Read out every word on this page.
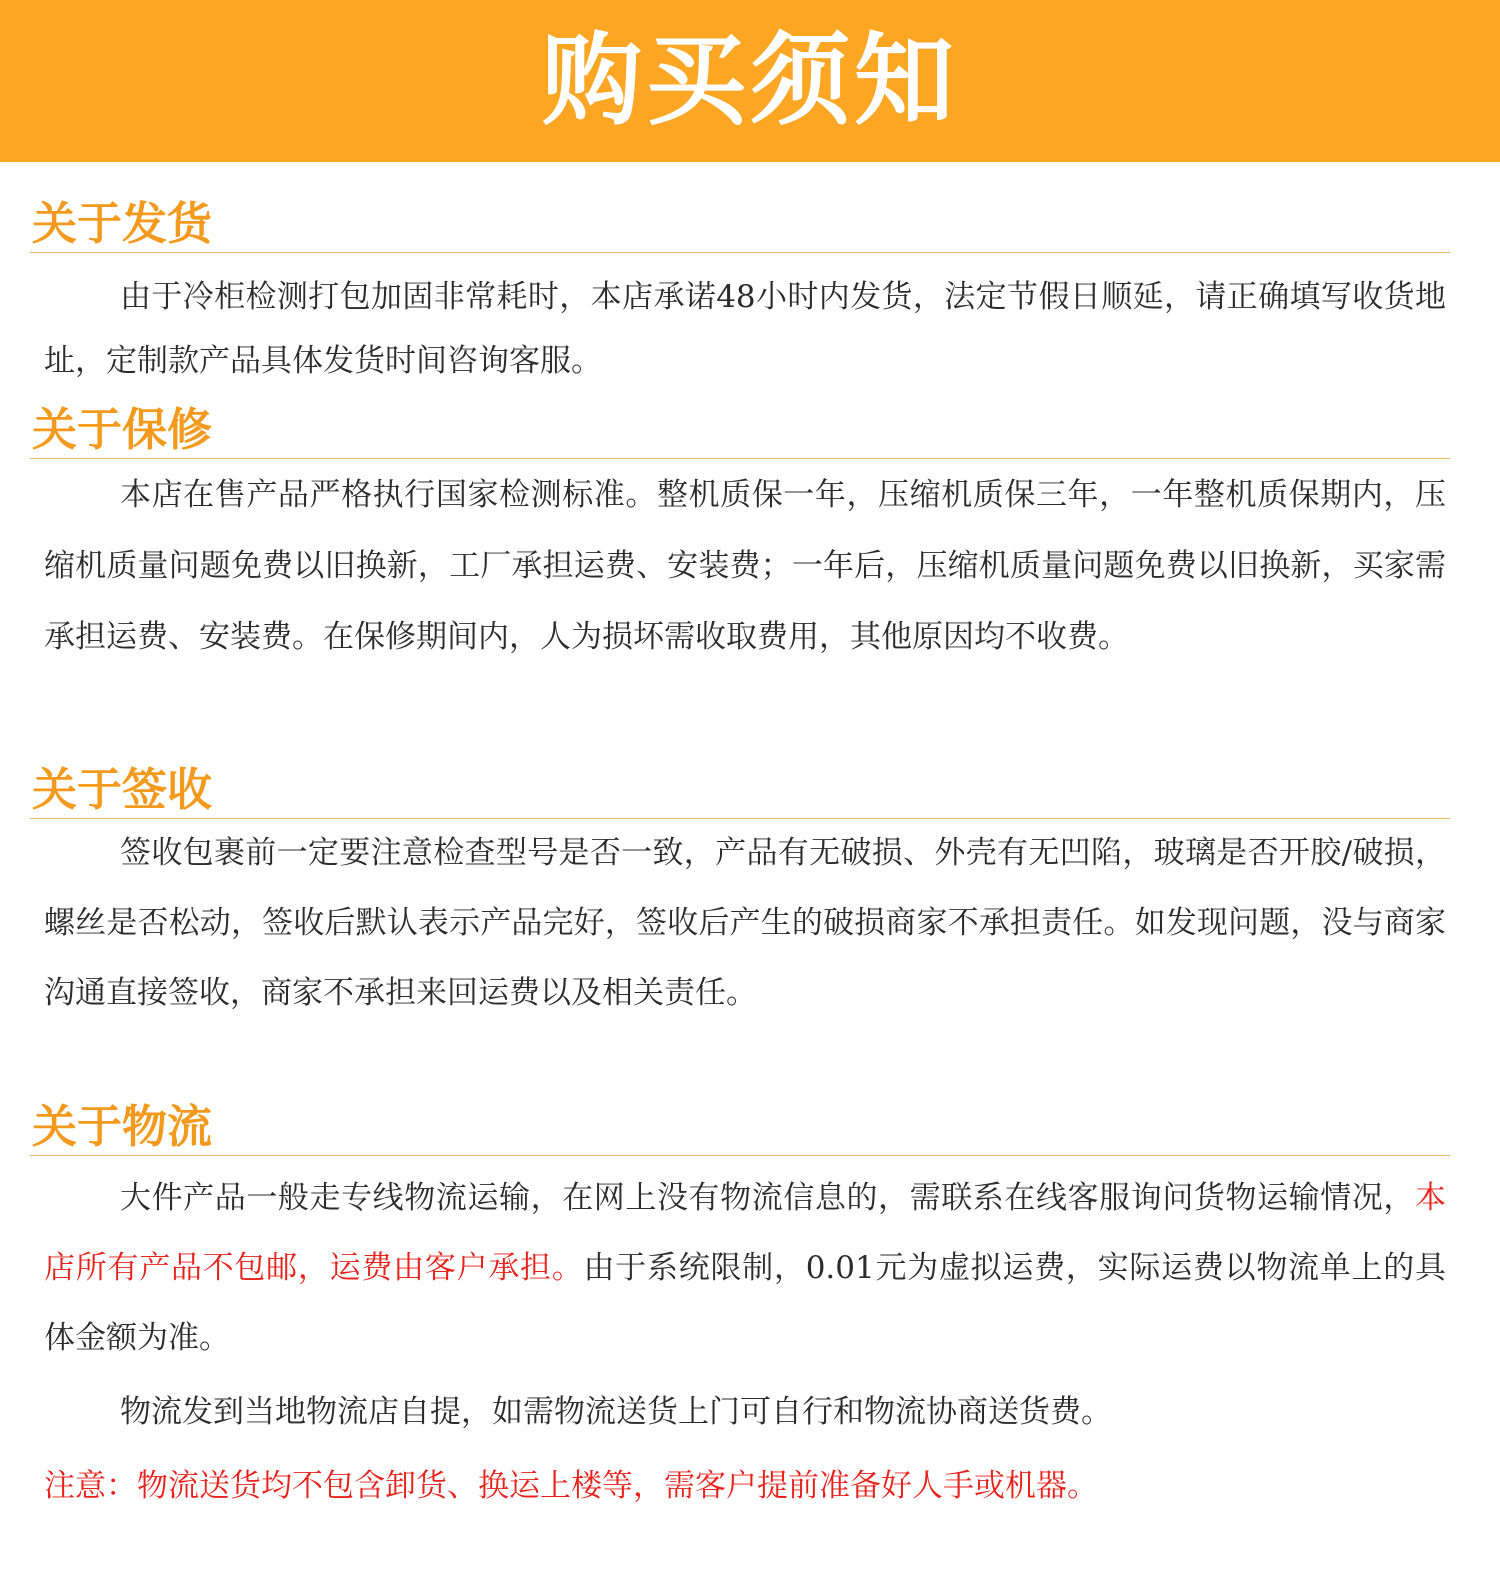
购买须知
关于发货

由于冷柜检测打包加固非常耗时，本店承诺48小时内发货，法定节假日顺延，请正确填写收货地址，定制款产品具体发货时间咨询客服。

关于保修

本店在售产品严格执行国家检测标准。整机质保一年，压缩机质保三年，一年整机质保期内，压缩机质量问题免费以旧换新，工厂承担运费、安装费；一年后，压缩机质量问题免费以旧换新，买家需承担运费、安装费。在保修期间内，人为损坏需收取费用，其他原因均不收费。

关于签收

签收包裹前一定要注意检查型号是否一致，产品有无破损、外壳有无凹陷，玻璃是否开胶/破损，螺丝是否松动，签收后默认表示产品完好，签收后产生的破损商家不承担责任。如发现问题，没与商家沟通直接签收，商家不承担来回运费以及相关责任。

关于物流

大件产品一般走专线物流运输，在网上没有物流信息的，需联系在线客服询问货物运输情况，本店所有产品不包邮，运费由客户承担。由于系统限制，0.01元为虚拟运费，实际运费以物流单上的具体金额为准。

物流发到当地物流店自提，如需物流送货上门可自行和物流协商送货费。

注意：物流送货均不包含卸货、换运上楼等，需客户提前准备好人手或机器。
